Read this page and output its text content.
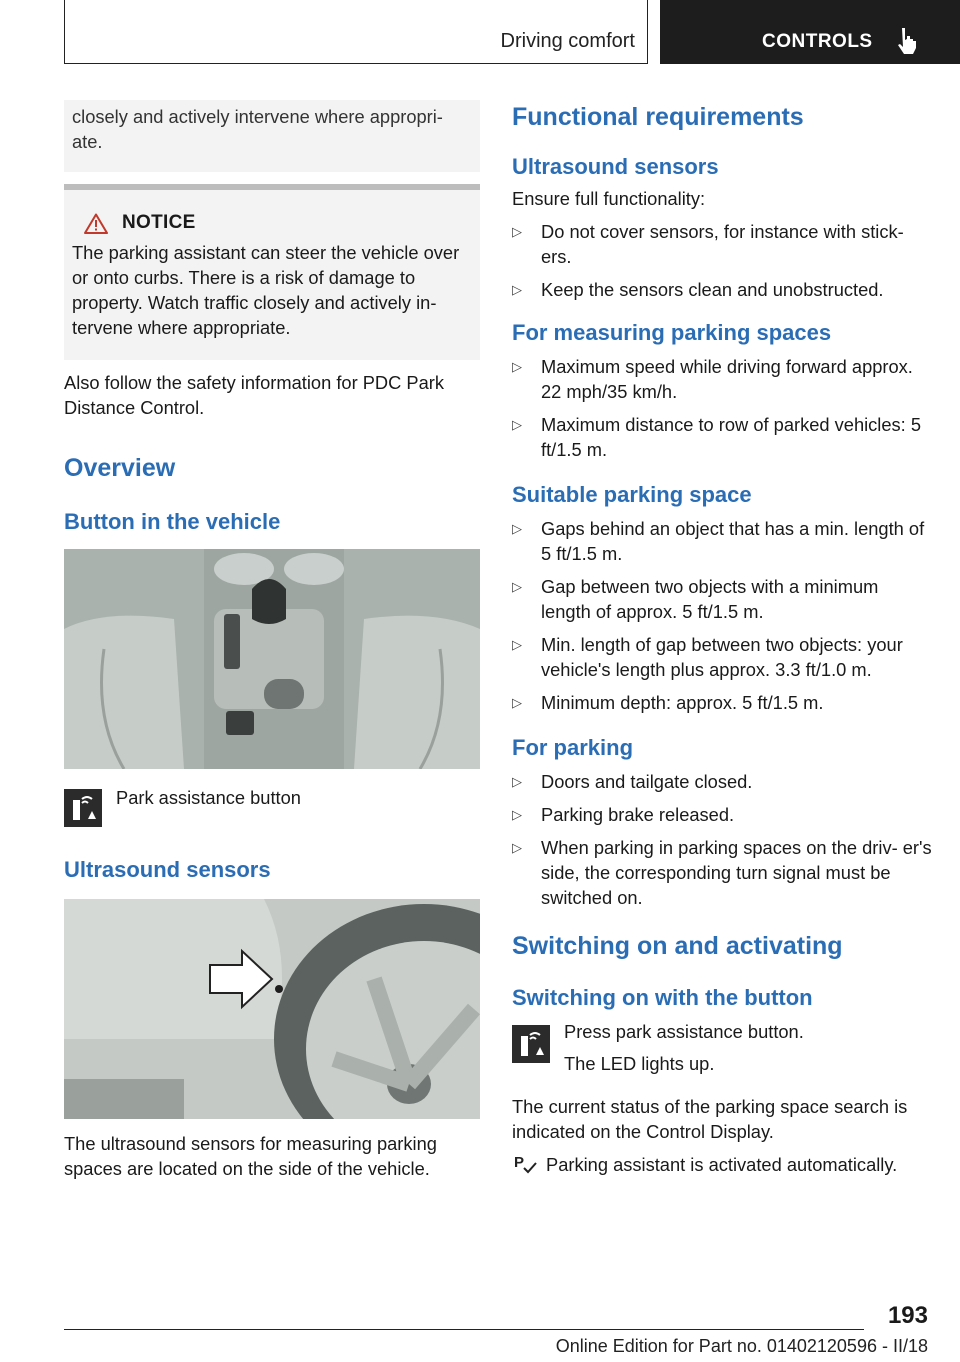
Driving comfort	CONTROLS

closely and actively intervene where appropri- ate.

NOTICE

The parking assistant can steer the vehicle over or onto curbs. There is a risk of damage to property. Watch traffic closely and actively in- tervene where appropriate.

Also follow the safety information for PDC Park Distance Control.

Overview
Button in the vehicle

Park assistance button

Ultrasound sensors

The ultrasound sensors for measuring parking spaces are located on the side of the vehicle.

Functional requirements
Ultrasound sensors

Ensure full functionality:

▷ Do not cover sensors, for instance with stick- ers.
▷ Keep the sensors clean and unobstructed.
For measuring parking spaces
▷ Maximum speed while driving forward approx. 22 mph/35 km/h.
▷ Maximum distance to row of parked vehicles: 5 ft/1.5 m.
Suitable parking space
▷ Gaps behind an object that has a min. length of 5 ft/1.5 m.
▷ Gap between two objects with a minimum length of approx. 5 ft/1.5 m.
▷ Min. length of gap between two objects: your vehicle's length plus approx. 3.3 ft/1.0 m.
▷ Minimum depth: approx. 5 ft/1.5 m.
For parking
▷ Doors and tailgate closed.
▷ Parking brake released.
▷ When parking in parking spaces on the driv- er's side, the corresponding turn signal must be switched on.
Switching on and activating
Switching on with the button

Press park assistance button.

The LED lights up.

The current status of the parking space search is indicated on the Control Display.

P Parking assistant is activated automatically.

193
Online Edition for Part no. 01402120596 - II/18
